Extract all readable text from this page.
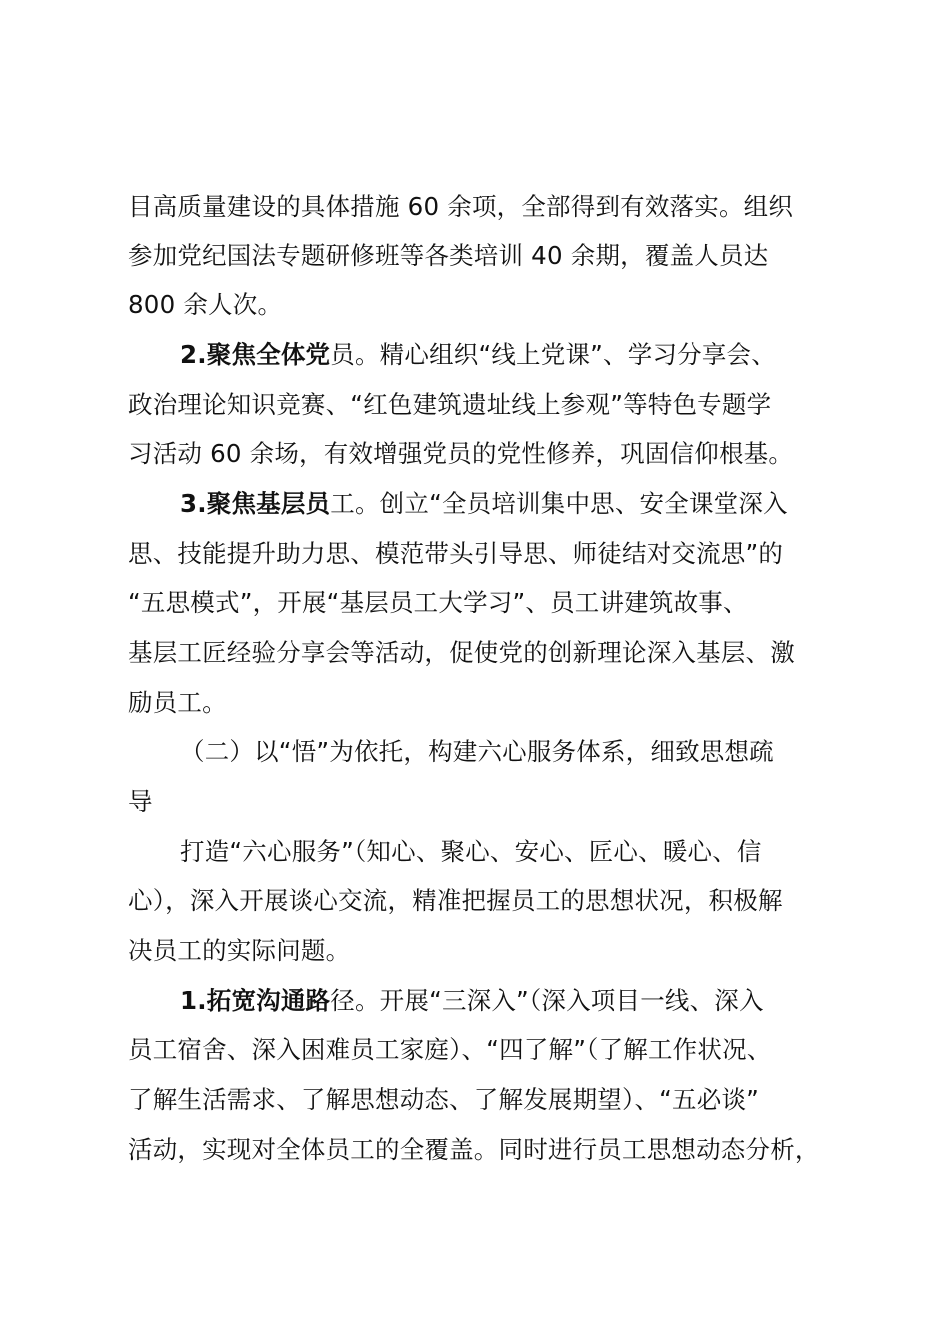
目高质量建设的具体措施 60 余项，全部得到有效落实。组织
参加党纪国法专题研修班等各类培训 40 余期，覆盖人员达
800 余人次。
2.聚焦全体党员。精心组织“线上党课”、学习分享会、
政治理论知识竞赛、“红色建筑遗址线上参观”等特色专题学
习活动 60 余场，有效增强党员的党性修养，巩固信仰根基。
3.聚焦基层员工。创立“全员培训集中思、安全课堂深入
思、技能提升助力思、模范带头引导思、师徒结对交流思”的
“五思模式”，开展“基层员工大学习”、员工讲建筑故事、
基层工匠经验分享会等活动，促使党的创新理论深入基层、激
励员工。
（二）以“悟”为依托，构建六心服务体系，细致思想疏
导
打造“六心服务”（知心、聚心、安心、匠心、暖心、信
心），深入开展谈心交流，精准把握员工的思想状况，积极解
决员工的实际问题。
1.拓宽沟通路径。开展“三深入”（深入项目一线、深入
员工宿舍、深入困难员工家庭）、“四了解”（了解工作状况、
了解生活需求、了解思想动态、了解发展期望）、“五必谈”
活动，实现对全体员工的全覆盖。同时进行员工思想动态分析，
